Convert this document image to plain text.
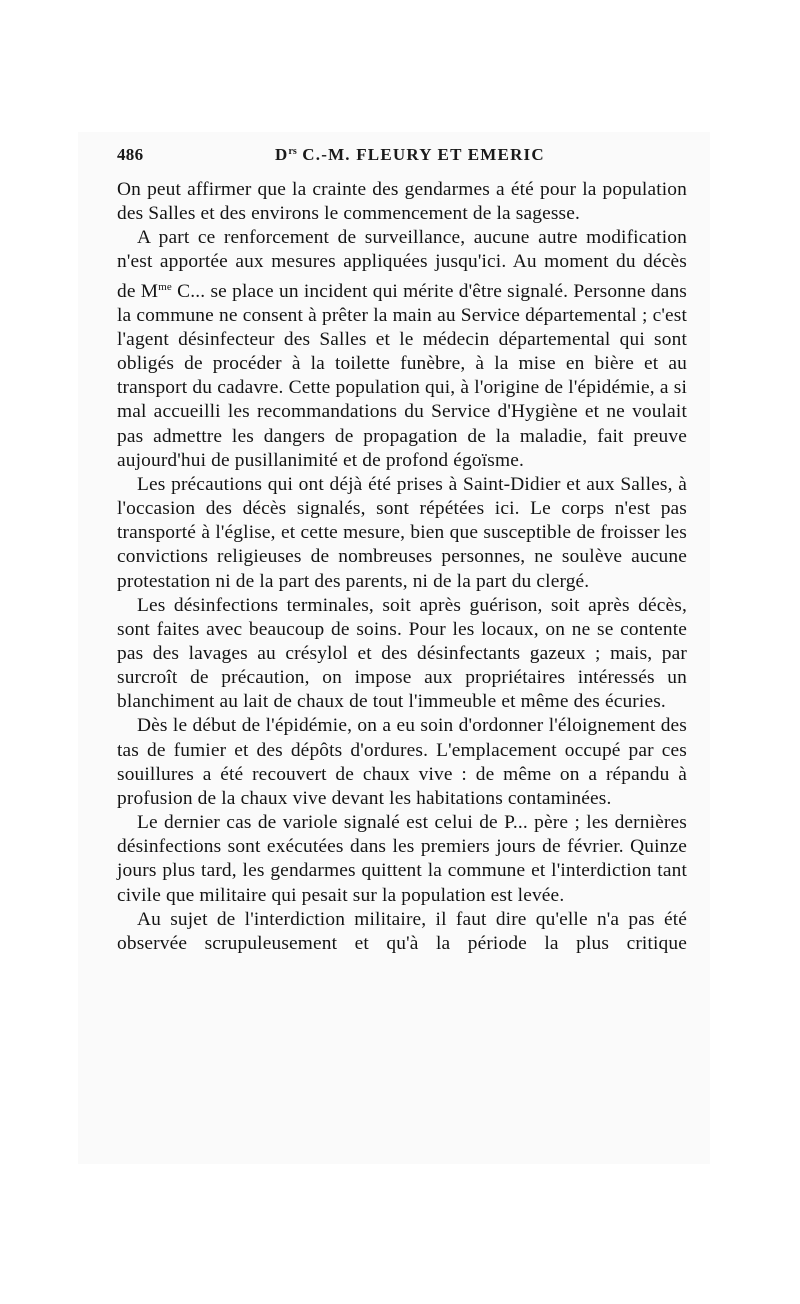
486	$D^{rs}$ C.-M. FLEURY ET EMERIC

On peut affirmer que la crainte des gendarmes a été pour la population des Salles et des environs le commencement de la sagesse.

A part ce renforcement de surveillance, aucune autre modification n'est apportée aux mesures appliquées jusqu'ici. Au moment du décès de $M^{me}$ C... se place un incident qui mérite d'être signalé. Personne dans la commune ne consent à prêter la main au Service départemental ; c'est l'agent désinfecteur des Salles et le médecin départemental qui sont obligés de procéder à la toilette funèbre, à la mise en bière et au transport du cadavre. Cette population qui, à l'origine de l'épidémie, a si mal accueilli les recommandations du Service d'Hygiène et ne voulait pas admettre les dangers de propagation de la maladie, fait preuve aujourd'hui de pusillanimité et de profond égoïsme.

Les précautions qui ont déjà été prises à Saint-Didier et aux Salles, à l'occasion des décès signalés, sont répétées ici. Le corps n'est pas transporté à l'église, et cette mesure, bien que susceptible de froisser les convictions religieuses de nombreuses personnes, ne soulève aucune protestation ni de la part des parents, ni de la part du clergé.

Les désinfections terminales, soit après guérison, soit après décès, sont faites avec beaucoup de soins. Pour les locaux, on ne se contente pas des lavages au crésylol et des désinfectants gazeux ; mais, par surcroît de précaution, on impose aux propriétaires intéressés un blanchiment au lait de chaux de tout l'immeuble et même des écuries.

Dès le début de l'épidémie, on a eu soin d'ordonner l'éloignement des tas de fumier et des dépôts d'ordures. L'emplacement occupé par ces souillures a été recouvert de chaux vive : de même on a répandu à profusion de la chaux vive devant les habitations contaminées.

Le dernier cas de variole signalé est celui de P... père ; les dernières désinfections sont exécutées dans les premiers jours de février. Quinze jours plus tard, les gendarmes quittent la commune et l'interdiction tant civile que militaire qui pesait sur la population est levée.

Au sujet de l'interdiction militaire, il faut dire qu'elle n'a pas été observée scrupuleusement et qu'à la période la plus critique
